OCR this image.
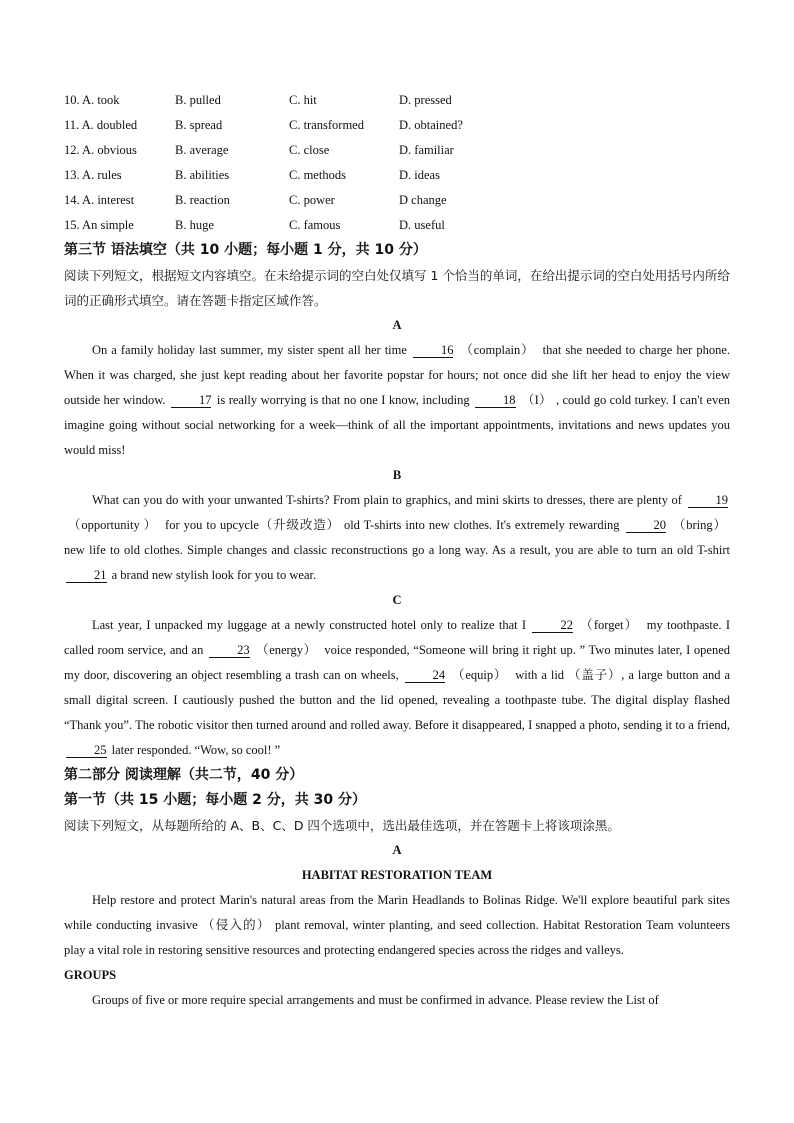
10. A. took	B. pulled	C. hit	D. pressed
11. A. doubled	B. spread	C. transformed	D. obtained?
12. A. obvious	B. average	C. close	D. familiar
13. A. rules	B. abilities	C. methods	D. ideas
14. A. interest	B. reaction	C. power	D change
15. An simple	B. huge	C. famous	D. useful
第三节 语法填空（共 10 小题；每小题 1 分，共 10 分）
阅读下列短文，根据短文内容填空。在未给提示词的空白处仅填写 1 个恰当的单词，在给出提示词的空白处用括号内所给词的正确形式填空。请在答题卡指定区域作答。
A
On a family holiday last summer, my sister spent all her time	16 （complain） that she needed to charge her phone. When it was charged, she just kept reading about her favorite popstar for hours; not once did she lift her head to enjoy the view outside her window.	17 is really worrying is that no one I know, including	18 （I） , could go cold turkey. I can't even imagine going without social networking for a week—think of all the important appointments, invitations and news updates you would miss!
B
What can you do with your unwanted T-shirts? From plain to graphics, and mini skirts to dresses, there are plenty of	19（opportunity ） for you to upcycle（升级改造） old T-shirts into new clothes. It's extremely rewarding	20 （bring） new life to old clothes. Simple changes and classic reconstructions go a long way. As a result, you are able to turn an old T-shirt 21 a brand new stylish look for you to wear.
C
Last year, I unpacked my luggage at a newly constructed hotel only to realize that I	22 （forget） my toothpaste. I called room service, and an	23 （energy） voice responded, “Someone will bring it right up. ” Two minutes later, I opened my door, discovering an object resembling a trash can on wheels,	24 （equip） with a lid （盖子）, a large button and a small digital screen. I cautiously pushed the button and the lid opened, revealing a toothpaste tube. The digital display flashed “Thank you”. The robotic visitor then turned around and rolled away. Before it disappeared, I snapped a photo, sending it to a friend, 25 later responded. “Wow, so cool! ”
第二部分 阅读理解（共二节，40 分）
第一节（共 15 小题；每小题 2 分，共 30 分）
阅读下列短文，从每题所给的 A、B、C、D 四个选项中，选出最佳选项，并在答题卡上将该项涂黑。
A
HABITAT RESTORATION TEAM
Help restore and protect Marin's natural areas from the Marin Headlands to Bolinas Ridge. We'll explore beautiful park sites while conducting invasive （侵入的） plant removal, winter planting, and seed collection. Habitat Restoration Team volunteers play a vital role in restoring sensitive resources and protecting endangered species across the ridges and valleys.
GROUPS
Groups of five or more require special arrangements and must be confirmed in advance. Please review the List of
